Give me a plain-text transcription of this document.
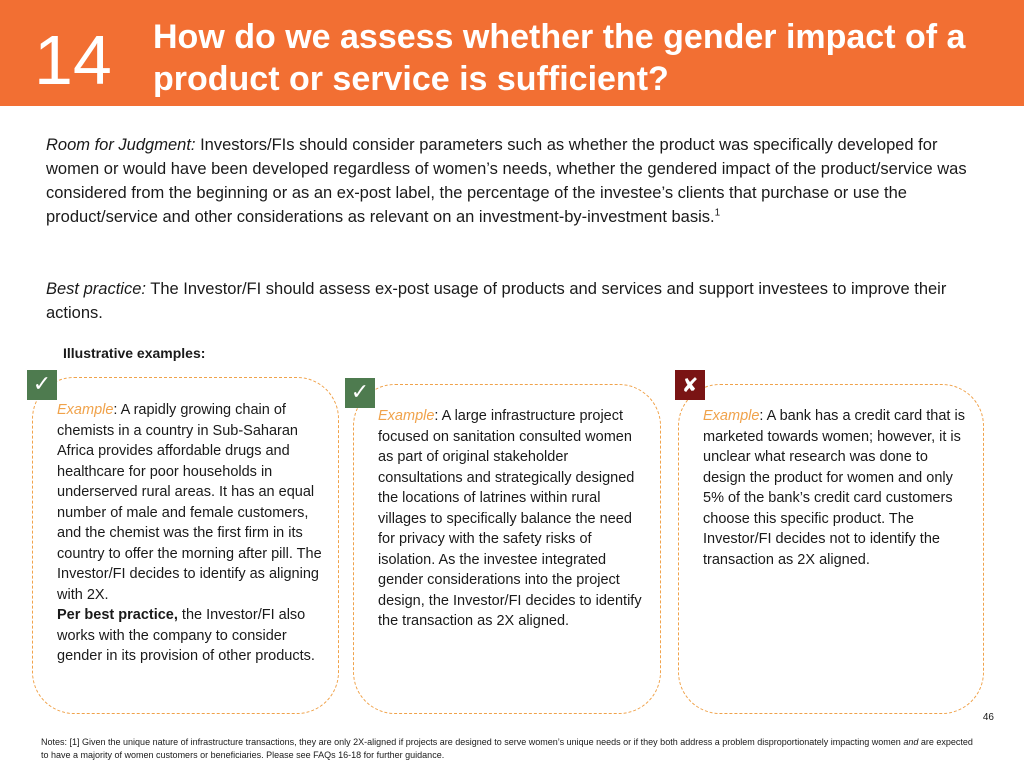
14 How do we assess whether the gender impact of a product or service is sufficient?

Room for Judgment: Investors/FIs should consider parameters such as whether the product was specifically developed for women or would have been developed regardless of women’s needs, whether the gendered impact of the product/service was considered from the beginning or as an ex-post label, the percentage of the investee’s clients that purchase or use the product/service and other considerations as relevant on an investment-by-investment basis.$^1$

Best practice: The Investor/FI should assess ex-post usage of products and services and support investees to improve their actions.

Illustrative examples:
Example: A rapidly growing chain of chemists in a country in Sub-Saharan Africa provides affordable drugs and healthcare for poor households in underserved rural areas. It has an equal number of male and female customers, and the chemist was the first firm in its country to offer the morning after pill. The Investor/FI decides to identify as aligning with 2X.
Per best practice, the Investor/FI also works with the company to consider gender in its provision of other products.
Example: A large infrastructure project focused on sanitation consulted women as part of original stakeholder consultations and strategically designed the locations of latrines within rural villages to specifically balance the need for privacy with the safety risks of isolation. As the investee integrated gender considerations into the project design, the Investor/FI decides to identify the transaction as 2X aligned.
Example: A bank has a credit card that is marketed towards women; however, it is unclear what research was done to design the product for women and only 5% of the bank’s credit card customers choose this specific product. The Investor/FI decides not to identify the transaction as 2X aligned.
✓	✓	✘
46

Notes: [1] Given the unique nature of infrastructure transactions, they are only 2X-aligned if projects are designed to serve women’s unique needs or if they both address a problem disproportionately impacting women and are expected to have a majority of women customers or beneficiaries. Please see FAQs 16-18 for further guidance.
